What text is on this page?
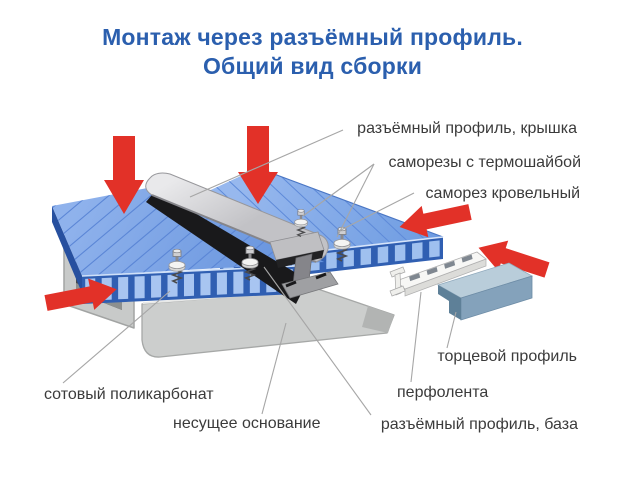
Монтаж через разъёмный профиль.
Общий вид сборки
разъёмный профиль, крышка
саморезы с термошайбой
саморез кровельный
торцевой профиль
перфолента
сотовый поликарбонат
несущее основание	разъёмный профиль, база
